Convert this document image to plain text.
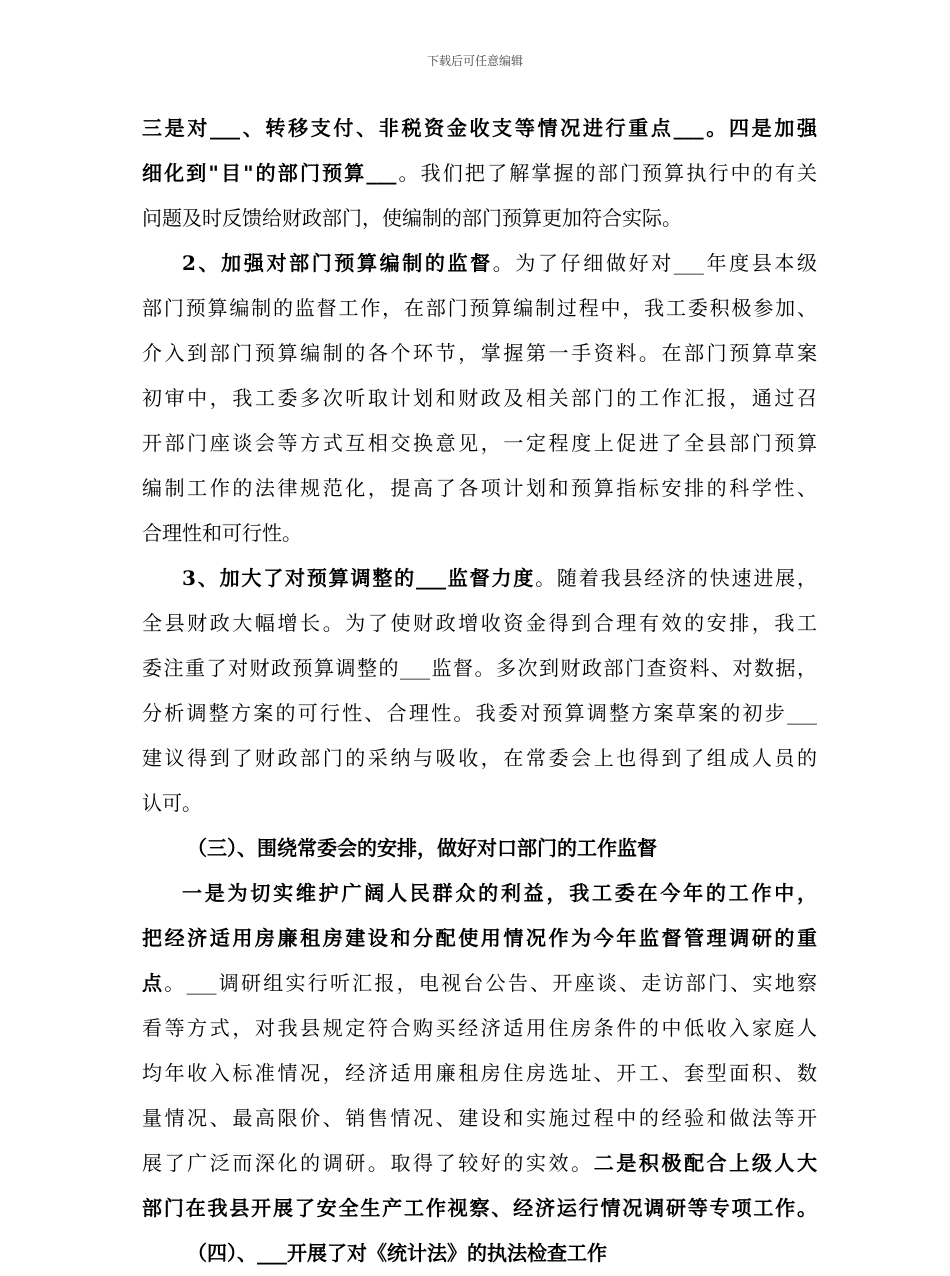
下载后可任意编辑
三是对___、转移支付、非税资金收支等情况进行重点___。四是加强
细化到"目"的部门预算___。我们把了解掌握的部门预算执行中的有关
问题及时反馈给财政部门，使编制的部门预算更加符合实际。
2、加强对部门预算编制的监督。为了仔细做好对___年度县本级
部门预算编制的监督工作，在部门预算编制过程中，我工委积极参加、
介入到部门预算编制的各个环节，掌握第一手资料。在部门预算草案
初审中，我工委多次听取计划和财政及相关部门的工作汇报，通过召
开部门座谈会等方式互相交换意见，一定程度上促进了全县部门预算
编制工作的法律规范化，提高了各项计划和预算指标安排的科学性、
合理性和可行性。
3、加大了对预算调整的___监督力度。随着我县经济的快速进展，
全县财政大幅增长。为了使财政增收资金得到合理有效的安排，我工
委注重了对财政预算调整的___监督。多次到财政部门查资料、对数据，
分析调整方案的可行性、合理性。我委对预算调整方案草案的初步___
建议得到了财政部门的采纳与吸收，在常委会上也得到了组成人员的
认可。
（三）、围绕常委会的安排，做好对口部门的工作监督
一是为切实维护广阔人民群众的利益，我工委在今年的工作中，
把经济适用房廉租房建设和分配使用情况作为今年监督管理调研的重
点。___调研组实行听汇报，电视台公告、开座谈、走访部门、实地察
看等方式，对我县规定符合购买经济适用住房条件的中低收入家庭人
均年收入标准情况，经济适用廉租房住房选址、开工、套型面积、数
量情况、最高限价、销售情况、建设和实施过程中的经验和做法等开
展了广泛而深化的调研。取得了较好的实效。二是积极配合上级人大
部门在我县开展了安全生产工作视察、经济运行情况调研等专项工作。
（四）、___开展了对《统计法》的执法检查工作
